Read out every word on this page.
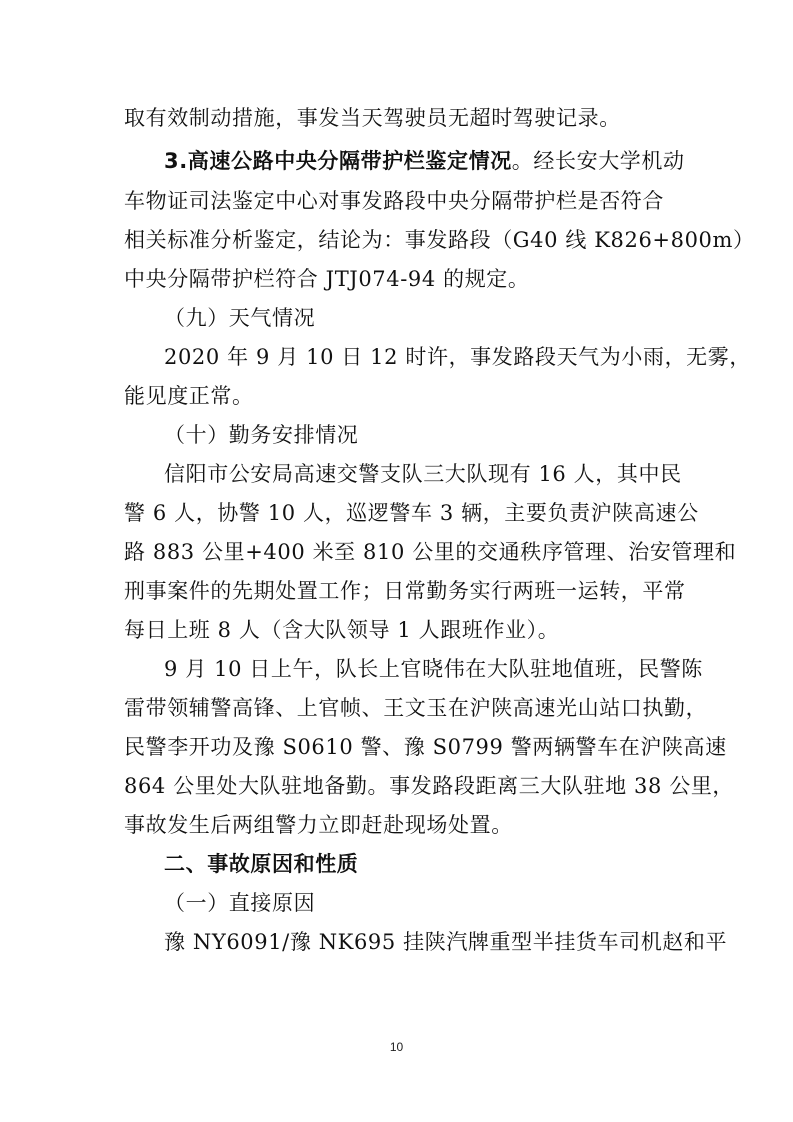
取有效制动措施，事发当天驾驶员无超时驾驶记录。
3.高速公路中央分隔带护栏鉴定情况。经长安大学机动
车物证司法鉴定中心对事发路段中央分隔带护栏是否符合
相关标准分析鉴定，结论为：事发路段（G40 线 K826+800m）
中央分隔带护栏符合 JTJ074-94 的规定。
（九）天气情况
2020 年 9 月 10 日 12 时许，事发路段天气为小雨，无雾，
能见度正常。
（十）勤务安排情况
信阳市公安局高速交警支队三大队现有 16 人，其中民
警 6 人，协警 10 人，巡逻警车 3 辆，主要负责沪陕高速公
路 883 公里+400 米至 810 公里的交通秩序管理、治安管理和
刑事案件的先期处置工作；日常勤务实行两班一运转，平常
每日上班 8 人（含大队领导 1 人跟班作业）。
9 月 10 日上午，队长上官晓伟在大队驻地值班，民警陈
雷带领辅警高锋、上官帧、王文玉在沪陕高速光山站口执勤，
民警李开功及豫 S0610 警、豫 S0799 警两辆警车在沪陕高速
864 公里处大队驻地备勤。事发路段距离三大队驻地 38 公里，
事故发生后两组警力立即赶赴现场处置。
二、事故原因和性质
（一）直接原因
豫 NY6091/豫 NK695 挂陕汽牌重型半挂货车司机赵和平
10
